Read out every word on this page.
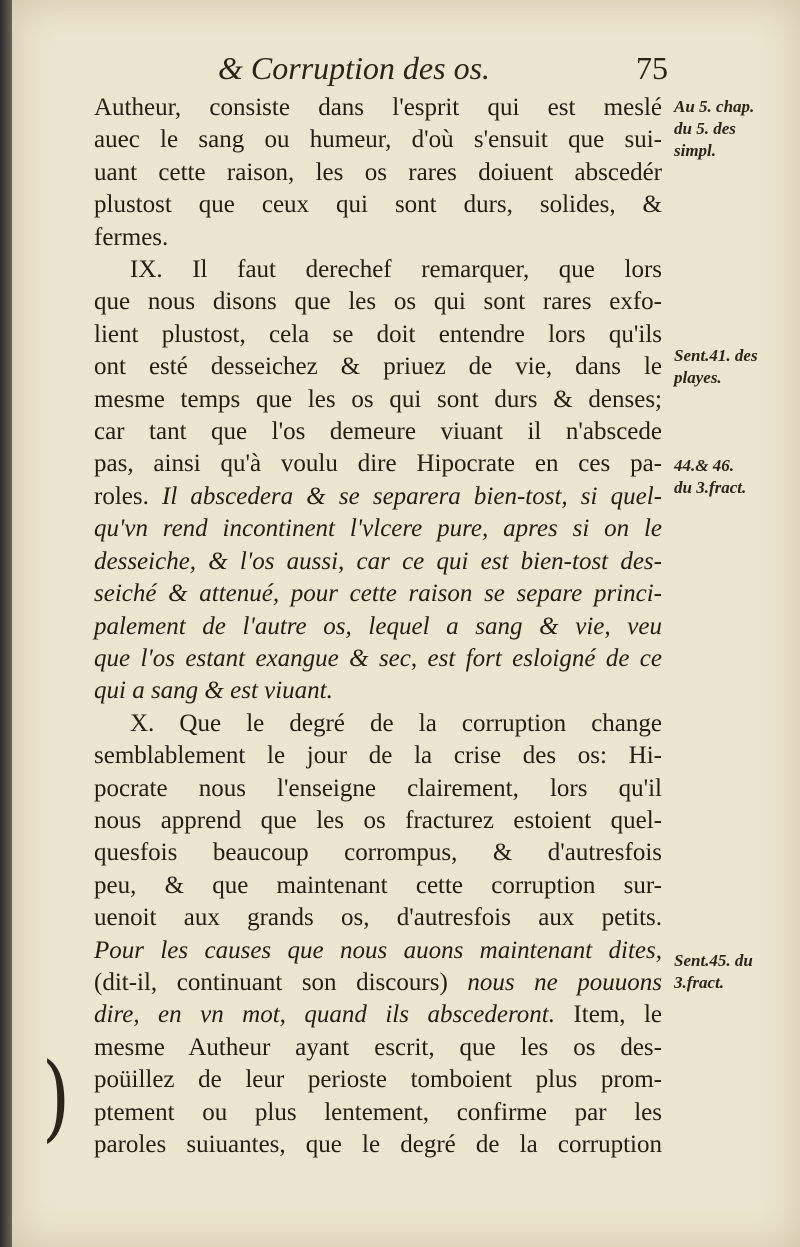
& Corruption des os.	75
Autheur, consiste dans l'esprit qui est meslé
auec le sang ou humeur, d'où s'ensuit que sui-
uant cette raison, les os rares doiuent abscedér
plustost que ceux qui sont durs, solides, &
fermes.
IX. Il faut derechef remarquer, que lors
que nous disons que les os qui sont rares exfo-
lient plustost, cela se doit entendre lors qu'ils
ont esté desseichez & priuez de vie, dans le
mesme temps que les os qui sont durs & denses;
car tant que l'os demeure viuant il n'abscede
pas, ainsi qu'à voulu dire Hipocrate en ces pa-
roles. Il abscedera & se separera bien-tost, si quel-
qu'vn rend incontinent l'vlcere pure, apres si on le
desseiche, & l'os aussi, car ce qui est bien-tost des-
seiché & attenué, pour cette raison se separe princi-
palement de l'autre os, lequel a sang & vie, veu
que l'os estant exangue & sec, est fort esloigné de ce
qui a sang & est viuant.
X. Que le degré de la corruption change
semblablement le jour de la crise des os: Hi-
pocrate nous l'enseigne clairement, lors qu'il
nous apprend que les os fracturez estoient quel-
quesfois beaucoup corrompus, & d'autresfois
peu, & que maintenant cette corruption sur-
uenoit aux grands os, d'autresfois aux petits.
Pour les causes que nous auons maintenant dites,
(dit-il, continuant son discours) nous ne pouuons
dire, en vn mot, quand ils abscederont. Item, le
mesme Autheur ayant escrit, que les os des-
poüillez de leur perioste tomboient plus prom-
ptement ou plus lentement, confirme par les
paroles suiuantes, que le degré de la corruption
Au 5. chap.
du 5. des
simpl.
Sent.41. des
playes.
44.& 46.
du 3.fract.
Sent.45. du
3.fract.
)
